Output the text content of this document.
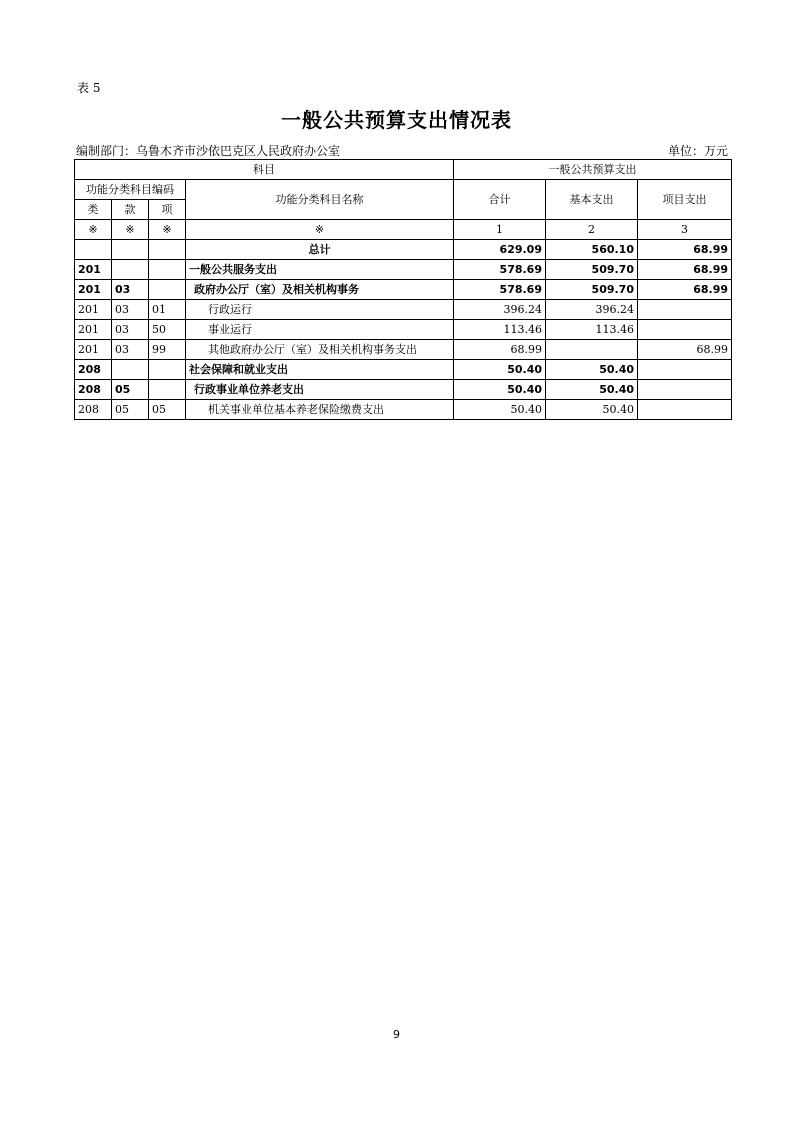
表 5
一般公共预算支出情况表
编制部门：乌鲁木齐市沙依巴克区人民政府办公室	单位：万元
科目				一般公共预算支出		
功能分类科目编码			功能分类科目名称	合计	基本支出	项目支出
类	款	项				
※	※	※	※	1	2	3
			总计	629.09	560.10	68.99
201			一般公共服务支出	578.69	509.70	68.99
201	03		政府办公厅（室）及相关机构事务	578.69	509.70	68.99
201	03	01	行政运行	396.24	396.24	
201	03	50	事业运行	113.46	113.46	
201	03	99	其他政府办公厅（室）及相关机构事务支出	68.99		68.99
208			社会保障和就业支出	50.40	50.40	
208	05		行政事业单位养老支出	50.40	50.40	
208	05	05	机关事业单位基本养老保险缴费支出	50.40	50.40	
9
